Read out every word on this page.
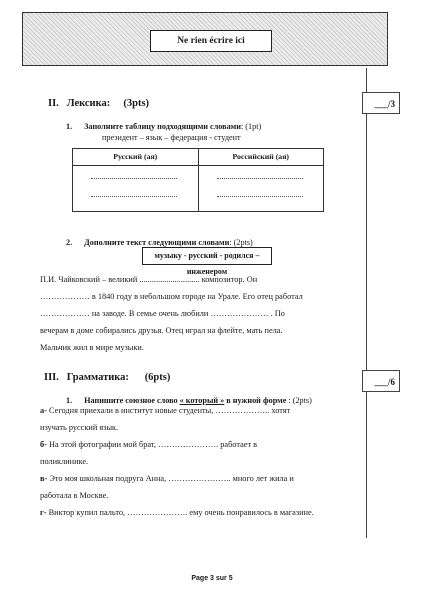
Ne rien écrire ici
___/3
___/6
II. Лексика: (3pts)
1. Заполните таблицу подходящими словами: (1pt)
президент – язык – федерация - студент
Русский (ая)	Российский (ая)
2. Дополните текст следующими словами: (2pts)
музыку - русский - родился – инженером
П.И. Чайковский – великий ............................. композитор. Он
……………… в 1840 году в небольшом городе на Урале. Его отец работал
……………… на заводе. В семье очень любили ………………… . По
вечерам в доме собирались друзья. Отец играл на флейте, мать пела.
Мальчик жил в мире музыки.
III. Грамматика: (6pts)
1. Напишите союзное слово « который » в нужной форме : (2pts)
а- Сегодня приехали в институт новые студенты, ……………….. хотят
изучать русский язык.
б- На этой фотографии мой брат, …………………. работает в
поликлинике.
в- Это моя школьная подруга Анна, ………………….. много лет жила и
работала в Москве.
г- Виктор купил пальто, …………………. ему очень понравилось в магазине.
Page 3 sur 5
